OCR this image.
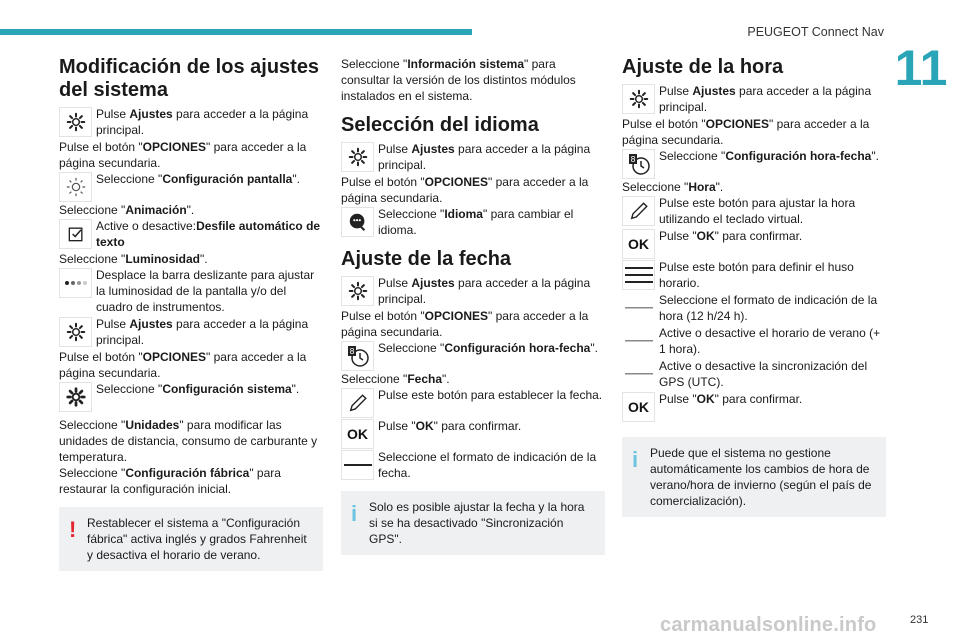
PEUGEOT Connect Nav
11
Modificación de los ajustes del sistema
Pulse Ajustes para acceder a la página principal.
Pulse el botón "OPCIONES" para acceder a la página secundaria.
Seleccione "Configuración pantalla".
Seleccione "Animación".
Active o desactive:Desfile automático de texto
Seleccione "Luminosidad".
Desplace la barra deslizante para ajustar la luminosidad de la pantalla y/o del cuadro de instrumentos.
Pulse Ajustes para acceder a la página principal.
Pulse el botón "OPCIONES" para acceder a la página secundaria.
Seleccione "Configuración sistema".
Seleccione "Unidades" para modificar las unidades de distancia, consumo de carburante y temperatura.
Seleccione "Configuración fábrica" para restaurar la configuración inicial.
! Restablecer el sistema a "Configuración fábrica" activa inglés y grados Fahrenheit y desactiva el horario de verano.
Seleccione "Información sistema" para consultar la versión de los distintos módulos instalados en el sistema.
Selección del idioma
Pulse Ajustes para acceder a la página principal.
Pulse el botón "OPCIONES" para acceder a la página secundaria.
Seleccione "Idioma" para cambiar el idioma.
Ajuste de la fecha
Pulse Ajustes para acceder a la página principal.
Pulse el botón "OPCIONES" para acceder a la página secundaria.
8 Seleccione "Configuración hora-fecha".
Seleccione "Fecha".
Pulse este botón para establecer la fecha.
OK Pulse "OK" para confirmar.
Seleccione el formato de indicación de la fecha.
i Solo es posible ajustar la fecha y la hora si se ha desactivado "Sincronización GPS".
Ajuste de la hora
Pulse Ajustes para acceder a la página principal.
Pulse el botón "OPCIONES" para acceder a la página secundaria.
8 Seleccione "Configuración hora-fecha".
Seleccione "Hora".
Pulse este botón para ajustar la hora utilizando el teclado virtual.
OK Pulse "OK" para confirmar.
Pulse este botón para definir el huso horario.
Seleccione el formato de indicación de la hora (12 h/24 h).
Active o desactive el horario de verano (+ 1 hora).
Active o desactive la sincronización del GPS (UTC).
OK Pulse "OK" para confirmar.
i Puede que el sistema no gestione automáticamente los cambios de hora de verano/hora de invierno (según el país de comercialización).
carmanualsonline.info	231
